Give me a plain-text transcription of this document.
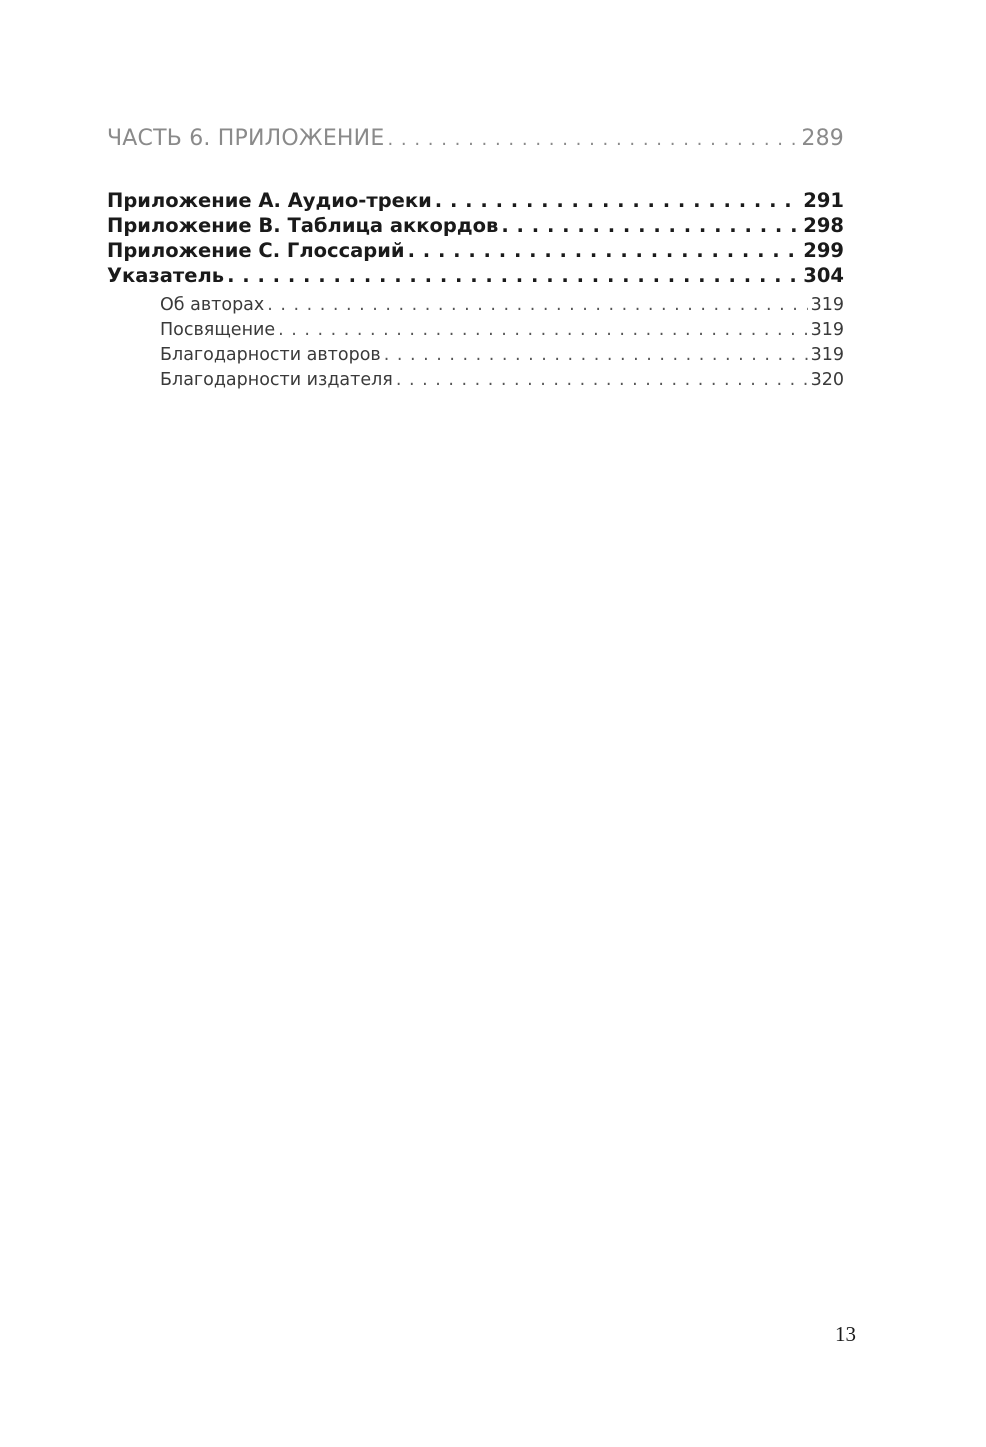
ЧАСТЬ 6. ПРИЛОЖЕНИЕ . . .	289
Приложение А. Аудио-треки . . .	291
Приложение В. Таблица аккордов . . .	298
Приложение С. Глоссарий . . .	299
Указатель . . .	304
Об авторах . . .	319
Посвящение . . .	319
Благодарности авторов . . .	319
Благодарности издателя . . .	320
13
